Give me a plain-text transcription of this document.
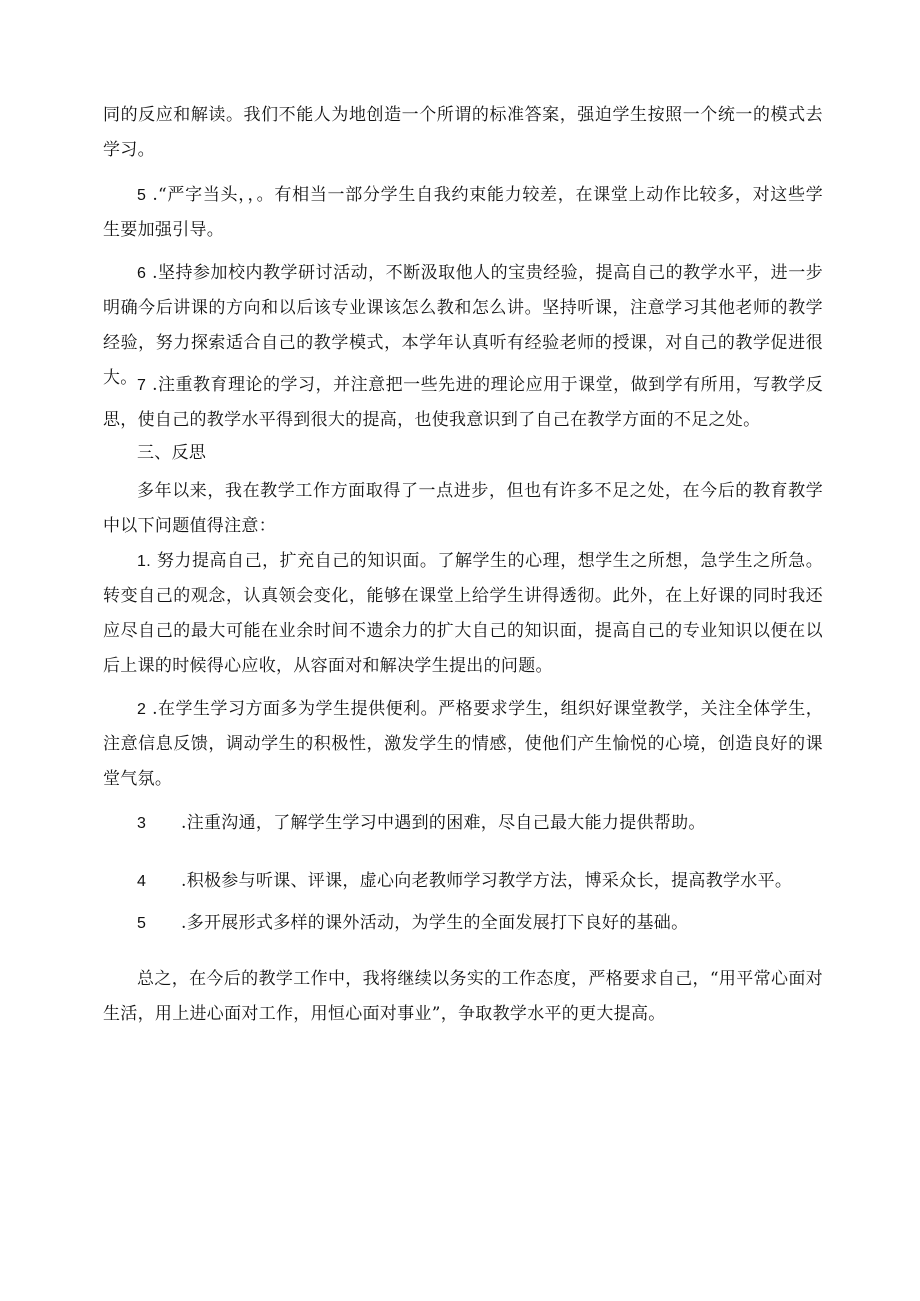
同的反应和解读。我们不能人为地创造一个所谓的标准答案，强迫学生按照一个统一的模式去学习。

5 .“严字当头，，。有相当一部分学生自我约束能力较差，在课堂上动作比较多，对这些学生要加强引导。

6 .坚持参加校内教学研讨活动，不断汲取他人的宝贵经验，提高自己的教学水平，进一步明确今后讲课的方向和以后该专业课该怎么教和怎么讲。坚持听课，注意学习其他老师的教学经验，努力探索适合自己的教学模式，本学年认真听有经验老师的授课，对自己的教学促进很大。 7 .注重教育理论的学习，并注意把一些先进的理论应用于课堂，做到学有所用，写教学反思，使自己的教学水平得到很大的提高，也使我意识到了自己在教学方面的不足之处。

三、反思

多年以来，我在教学工作方面取得了一点进步，但也有许多不足之处，在今后的教育教学中以下问题值得注意：

1. 努力提高自己，扩充自己的知识面。了解学生的心理，想学生之所想，急学生之所急。转变自己的观念，认真领会变化，能够在课堂上给学生讲得透彻。此外，在上好课的同时我还应尽自己的最大可能在业余时间不遗余力的扩大自己的知识面，提高自己的专业知识以便在以后上课的时候得心应收，从容面对和解决学生提出的问题。

2 .在学生学习方面多为学生提供便利。严格要求学生，组织好课堂教学，关注全体学生，注意信息反馈，调动学生的积极性，激发学生的情感，使他们产生愉悦的心境，创造良好的课堂气氛。

3 .注重沟通，了解学生学习中遇到的困难，尽自己最大能力提供帮助。

4 .积极参与听课、评课，虚心向老教师学习教学方法，博采众长，提高教学水平。

5 .多开展形式多样的课外活动，为学生的全面发展打下良好的基础。

总之，在今后的教学工作中，我将继续以务实的工作态度，严格要求自己，“用平常心面对生活，用上进心面对工作，用恒心面对事业”，争取教学水平的更大提高。
